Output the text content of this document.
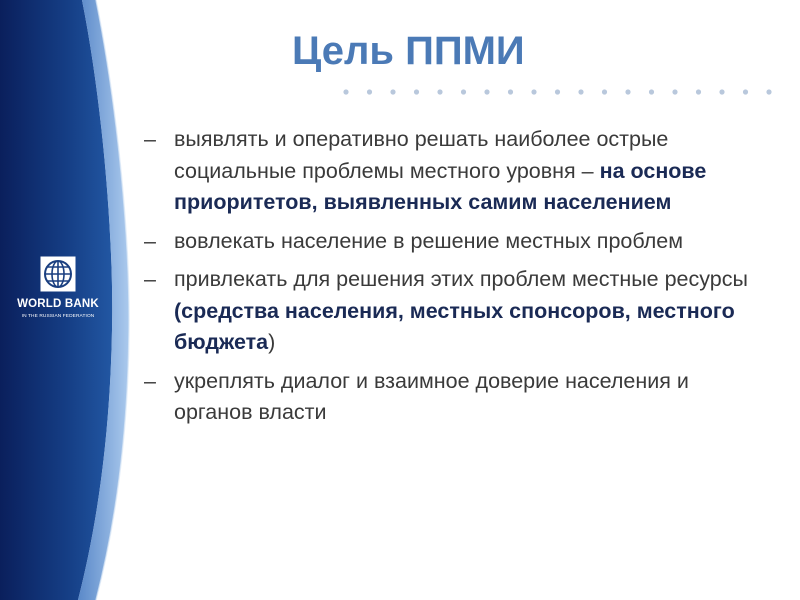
WORLD BANK
IN THE RUSSIAN FEDERATION
Цель ППМИ
– выявлять и оперативно решать наиболее острые социальные проблемы местного уровня – на основе приоритетов, выявленных самим населением
– вовлекать население в решение местных проблем
– привлекать для решения этих проблем местные ресурсы (средства населения, местных спонсоров, местного бюджета)
– укреплять диалог и взаимное доверие населения и органов власти
